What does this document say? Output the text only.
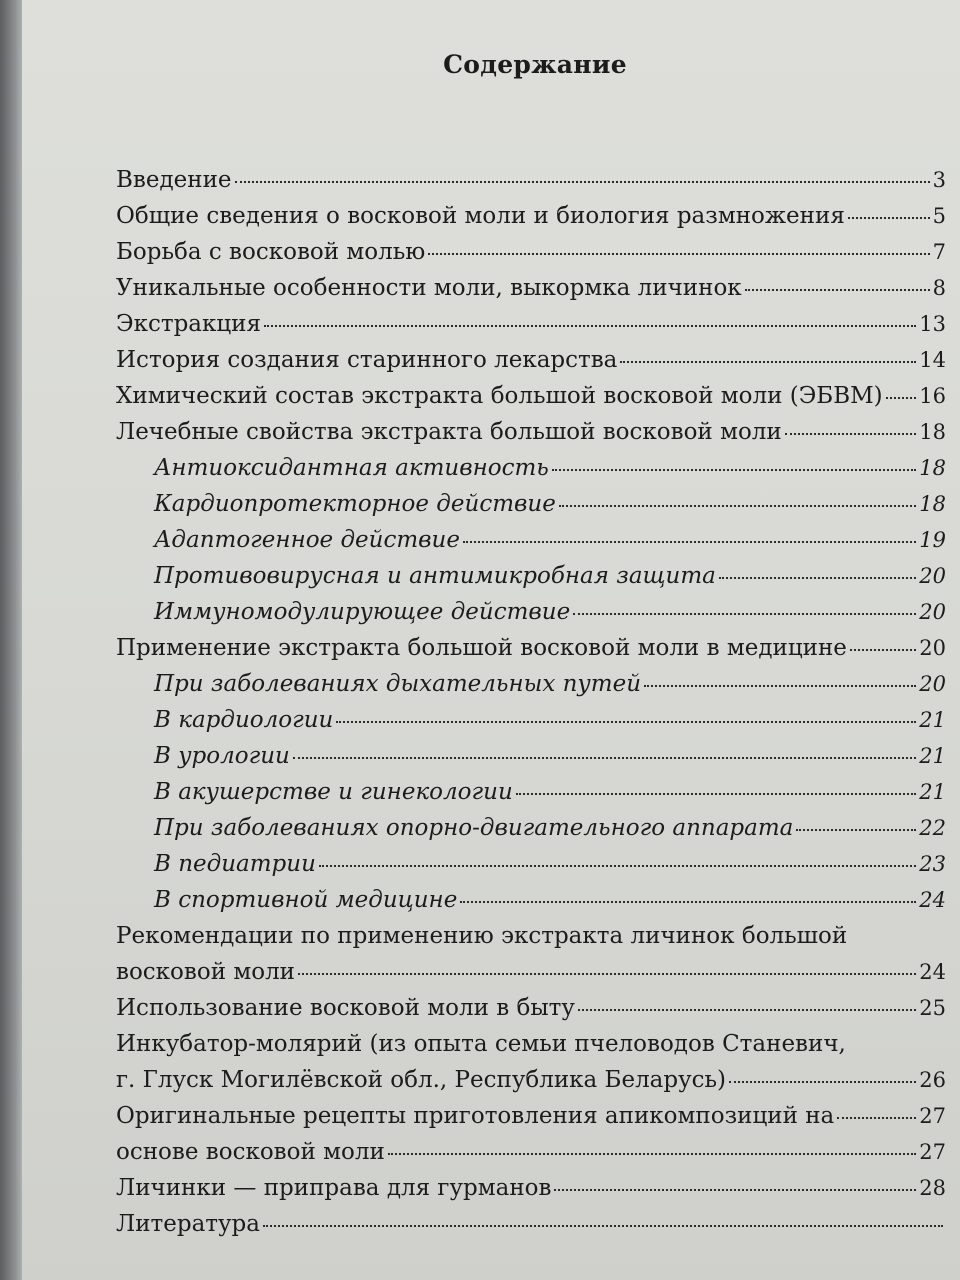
Содержание
Введение	3
Общие сведения о восковой моли и биология размножения	5
Борьба с восковой молью	7
Уникальные особенности моли, выкормка личинок	8
Экстракция	13
История создания старинного лекарства	14
Химический состав экстракта большой восковой моли (ЭБВМ) 16
Лечебные свойства экстракта большой восковой моли	18
Антиоксидантная активность	18
Кардиопротекторное действие	18
Адаптогенное действие	19
Противовирусная и антимикробная защита	20
Иммуномодулирующее действие	20
Применение экстракта большой восковой моли в медицине	20
При заболеваниях дыхательных путей	20
В кардиологии	21
В урологии	21
В акушерстве и гинекологии	21
При заболеваниях опорно-двигательного аппарата	22
В педиатрии	23
В спортивной медицине	24
Рекомендации по применению экстракта личинок большой
восковой моли	24
Использование восковой моли в быту	25
Инкубатор-молярий (из опыта семьи пчеловодов Станевич,
г. Глуск Могилёвской обл., Республика Беларусь)	26
Оригинальные рецепты приготовления апикомпозиций на	27
основе восковой моли	27
Личинки — приправа для гурманов	28
Литература
